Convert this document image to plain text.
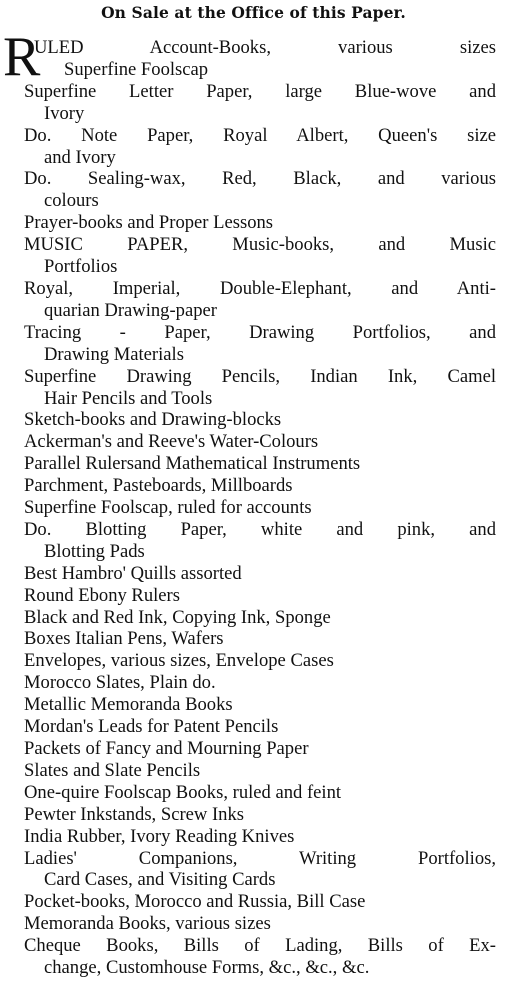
On Sale at the Office of this Paper.
R
ULED Account-Books, various sizes
Superfine Foolscap
Superfine Letter Paper, large Blue-wove and
Ivory
Do. Note Paper, Royal Albert, Queen's size
and Ivory
Do. Sealing-wax, Red, Black, and various
colours
Prayer-books and Proper Lessons
MUSIC PAPER, Music-books, and Music
Portfolios
Royal, Imperial, Double-Elephant, and Anti-
quarian Drawing-paper
Tracing - Paper, Drawing Portfolios, and
Drawing Materials
Superfine Drawing Pencils, Indian Ink, Camel
Hair Pencils and Tools
Sketch-books and Drawing-blocks
Ackerman's and Reeve's Water-Colours
Parallel Rulersand Mathematical Instruments
Parchment, Pasteboards, Millboards
Superfine Foolscap, ruled for accounts
Do. Blotting Paper, white and pink, and
Blotting Pads
Best Hambro' Quills assorted
Round Ebony Rulers
Black and Red Ink, Copying Ink, Sponge
Boxes Italian Pens, Wafers
Envelopes, various sizes, Envelope Cases
Morocco Slates, Plain do.
Metallic Memoranda Books
Mordan's Leads for Patent Pencils
Packets of Fancy and Mourning Paper
Slates and Slate Pencils
One-quire Foolscap Books, ruled and feint
Pewter Inkstands, Screw Inks
India Rubber, Ivory Reading Knives
Ladies' Companions, Writing Portfolios,
Card Cases, and Visiting Cards
Pocket-books, Morocco and Russia, Bill Case
Memoranda Books, various sizes
Cheque Books, Bills of Lading, Bills of Ex-
change, Customhouse Forms, &c., &c., &c.
